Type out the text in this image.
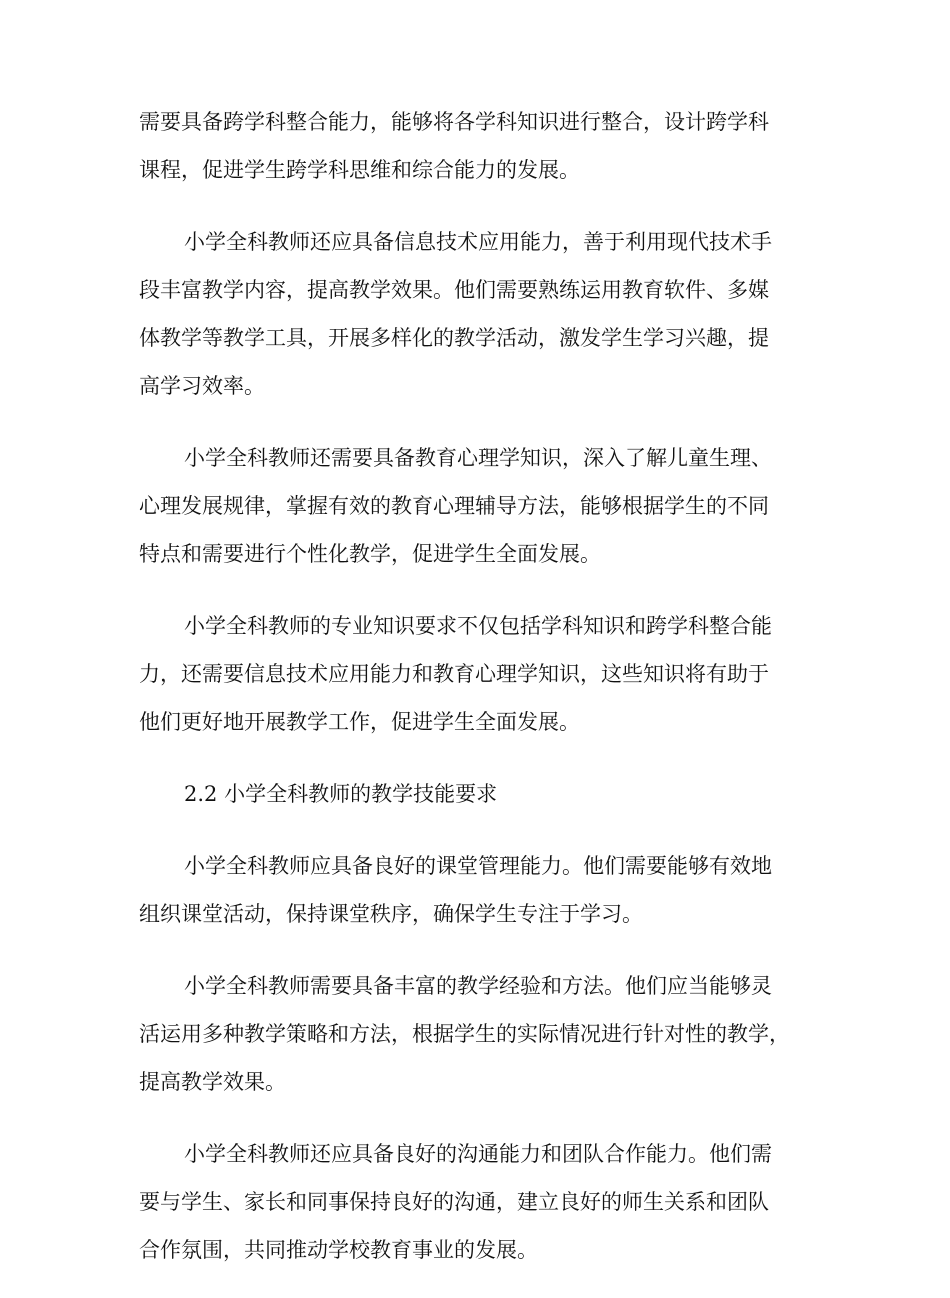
需要具备跨学科整合能力，能够将各学科知识进行整合，设计跨学科
课程，促进学生跨学科思维和综合能力的发展。

小学全科教师还应具备信息技术应用能力，善于利用现代技术手
段丰富教学内容，提高教学效果。他们需要熟练运用教育软件、多媒
体教学等教学工具，开展多样化的教学活动，激发学生学习兴趣，提
高学习效率。

小学全科教师还需要具备教育心理学知识，深入了解儿童生理、
心理发展规律，掌握有效的教育心理辅导方法，能够根据学生的不同
特点和需要进行个性化教学，促进学生全面发展。

小学全科教师的专业知识要求不仅包括学科知识和跨学科整合能
力，还需要信息技术应用能力和教育心理学知识，这些知识将有助于
他们更好地开展教学工作，促进学生全面发展。

2.2 小学全科教师的教学技能要求

小学全科教师应具备良好的课堂管理能力。他们需要能够有效地
组织课堂活动，保持课堂秩序，确保学生专注于学习。

小学全科教师需要具备丰富的教学经验和方法。他们应当能够灵
活运用多种教学策略和方法，根据学生的实际情况进行针对性的教学，
提高教学效果。

小学全科教师还应具备良好的沟通能力和团队合作能力。他们需
要与学生、家长和同事保持良好的沟通，建立良好的师生关系和团队
合作氛围，共同推动学校教育事业的发展。
